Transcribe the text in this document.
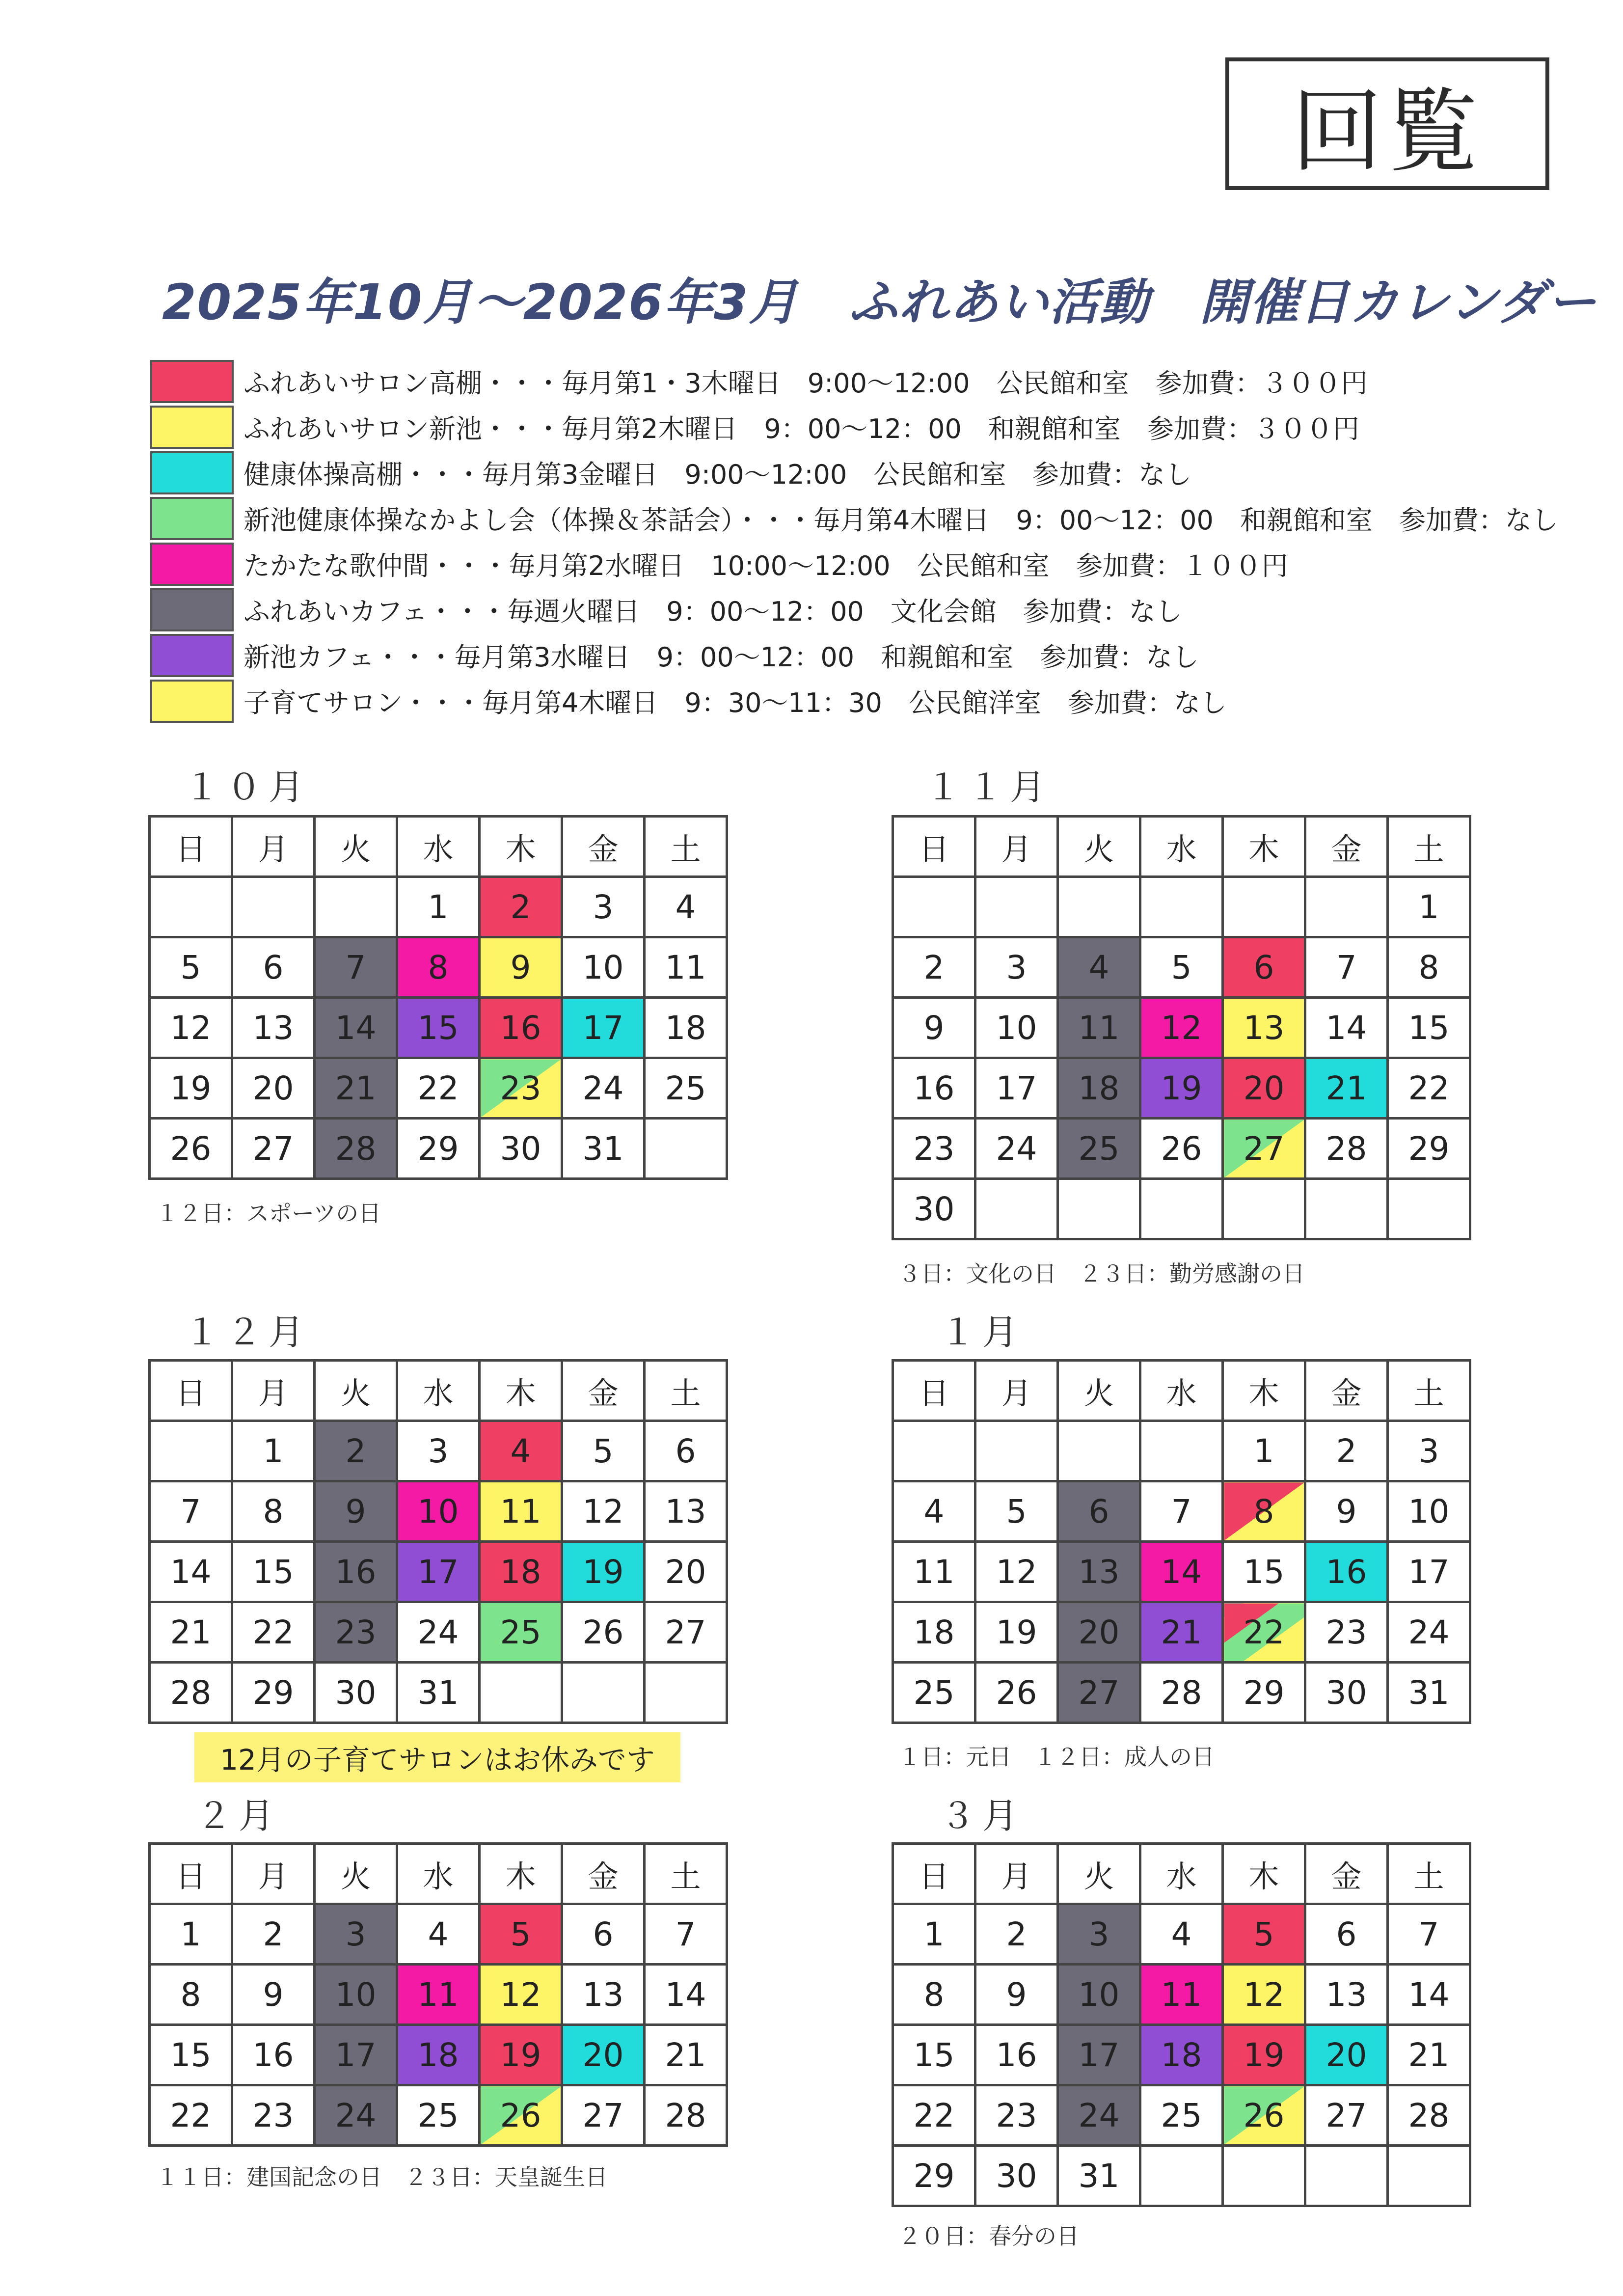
回覧
2025年10月～2026年3月　ふれあい活動　開催日カレンダー
ふれあいサロン高棚・・・毎月第1・3木曜日　9:00～12:00　公民館和室　参加費：３００円
ふれあいサロン新池・・・毎月第2木曜日　9：00～12：00　和親館和室　参加費：３００円
健康体操高棚・・・毎月第3金曜日　9:00～12:00　公民館和室　参加費：なし
新池健康体操なかよし会（体操＆茶話会）・・・毎月第4木曜日　9：00～12：00　和親館和室　参加費：なし
たかたな歌仲間・・・毎月第2水曜日　10:00～12:00　公民館和室　参加費：１００円
ふれあいカフェ・・・毎週火曜日　9：00～12：00　文化会館　参加費：なし
新池カフェ・・・毎月第3水曜日　9：00～12：00　和親館和室　参加費：なし
子育てサロン・・・毎月第4木曜日　9：30～11：30　公民館洋室　参加費：なし
１０月
日	月	火	水	木	金	土
			1	2	3	4
5	6	7	8	9	10	11
12	13	14	15	16	17	18
19	20	21	22	23	24	25
26	27	28	29	30	31	
１２日：スポーツの日
１１月
日	月	火	水	木	金	土
						1
2	3	4	5	6	7	8
9	10	11	12	13	14	15
16	17	18	19	20	21	22
23	24	25	26	27	28	29
30						
３日：文化の日　２３日：勤労感謝の日
１２月
日	月	火	水	木	金	土
	1	2	3	4	5	6
7	8	9	10	11	12	13
14	15	16	17	18	19	20
21	22	23	24	25	26	27
28	29	30	31			
12月の子育てサロンはお休みです
１月
日	月	火	水	木	金	土
				1	2	3
4	5	6	7	8	9	10
11	12	13	14	15	16	17
18	19	20	21	22	23	24
25	26	27	28	29	30	31
１日：元日　１２日：成人の日
２月
日	月	火	水	木	金	土
1	2	3	4	5	6	7
8	9	10	11	12	13	14
15	16	17	18	19	20	21
22	23	24	25	26	27	28
１１日：建国記念の日　２３日：天皇誕生日
３月
日	月	火	水	木	金	土
1	2	3	4	5	6	7
8	9	10	11	12	13	14
15	16	17	18	19	20	21
22	23	24	25	26	27	28
29	30	31				
２０日：春分の日
